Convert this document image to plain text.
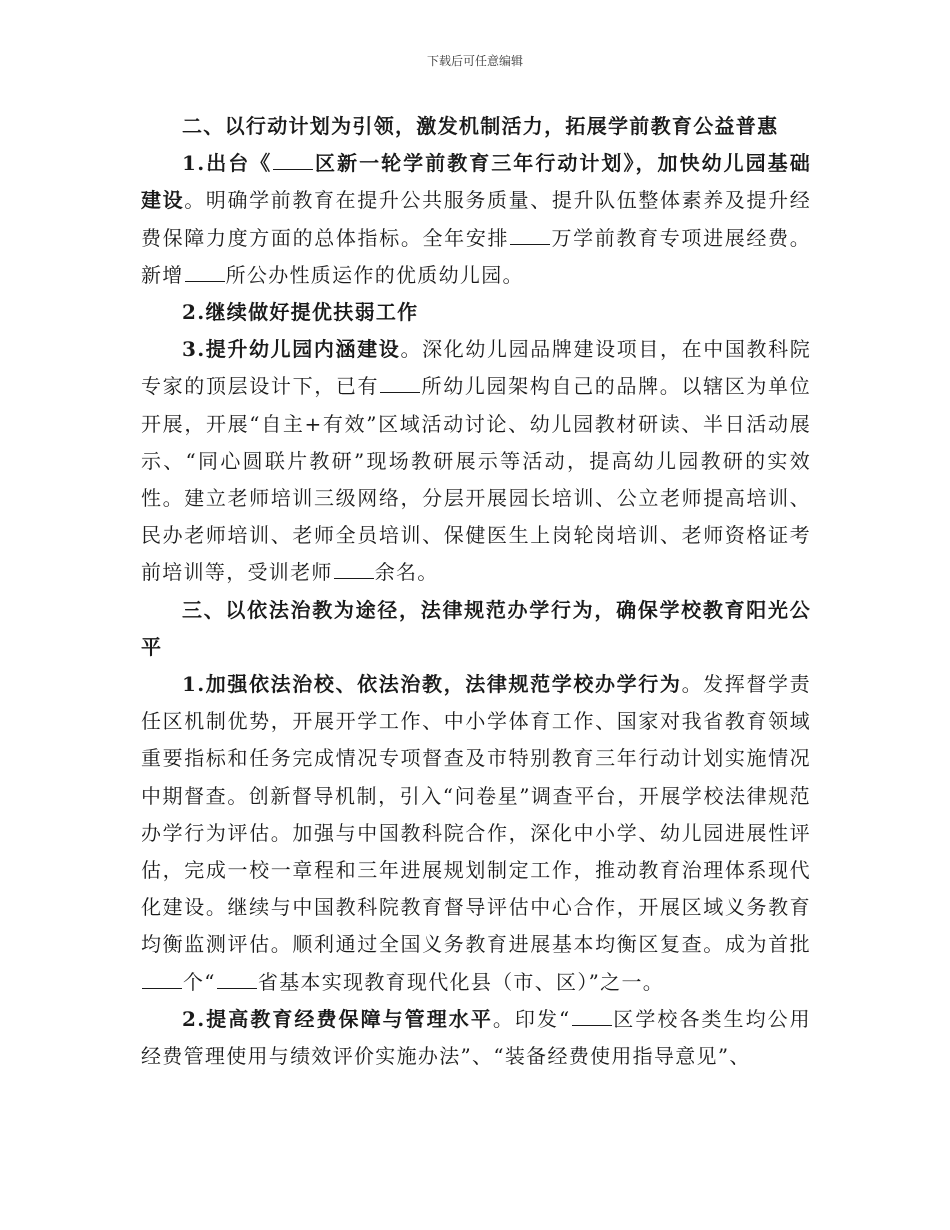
下载后可任意编辑

二、以行动计划为引领，激发机制活力，拓展学前教育公益普惠

1.出台《 区新一轮学前教育三年行动计划》，加快幼儿园基础建设。明确学前教育在提升公共服务质量、提升队伍整体素养及提升经费保障力度方面的总体指标。全年安排 万学前教育专项进展经费。新增 所公办性质运作的优质幼儿园。

2.继续做好提优扶弱工作

3.提升幼儿园内涵建设。深化幼儿园品牌建设项目，在中国教科院专家的顶层设计下，已有 所幼儿园架构自己的品牌。以辖区为单位开展，开展“自主+有效”区域活动讨论、幼儿园教材研读、半日活动展示、“同心圆联片教研”现场教研展示等活动，提高幼儿园教研的实效性。建立老师培训三级网络，分层开展园长培训、公立老师提高培训、民办老师培训、老师全员培训、保健医生上岗轮岗培训、老师资格证考前培训等，受训老师 余名。

三、以依法治教为途径，法律规范办学行为，确保学校教育阳光公平

1.加强依法治校、依法治教，法律规范学校办学行为。发挥督学责任区机制优势，开展开学工作、中小学体育工作、国家对我省教育领域重要指标和任务完成情况专项督查及市特别教育三年行动计划实施情况中期督查。创新督导机制，引入“问卷星”调查平台，开展学校法律规范办学行为评估。加强与中国教科院合作，深化中小学、幼儿园进展性评估，完成一校一章程和三年进展规划制定工作，推动教育治理体系现代化建设。继续与中国教科院教育督导评估中心合作，开展区域义务教育均衡监测评估。顺利通过全国义务教育进展基本均衡区复查。成为首批个“ 省基本实现教育现代化县（市、区）”之一。

2.提高教育经费保障与管理水平。印发“ 区学校各类生均公用经费管理使用与绩效评价实施办法”、“装备经费使用指导意见”、
